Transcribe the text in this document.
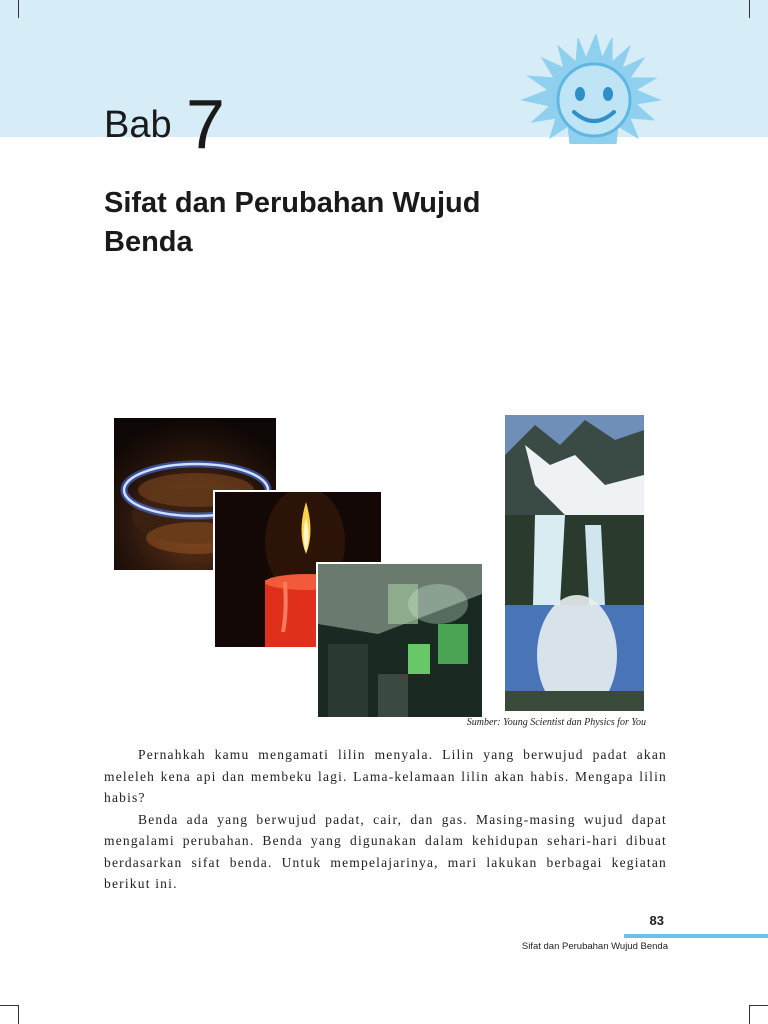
Bab 7
Sifat dan Perubahan Wujud
Benda
Sumber: Young Scientist dan Physics for You

Pernahkah kamu mengamati lilin menyala. Lilin yang berwujud padat akan meleleh kena api dan membeku lagi. Lama-kelamaan lilin akan habis. Mengapa lilin habis?

Benda ada yang berwujud padat, cair, dan gas. Masing-masing wujud dapat mengalami perubahan. Benda yang digunakan dalam kehidupan sehari-hari dibuat berdasarkan sifat benda. Untuk mempelajarinya, mari lakukan berbagai kegiatan berikut ini.

83
Sifat dan Perubahan Wujud Benda
